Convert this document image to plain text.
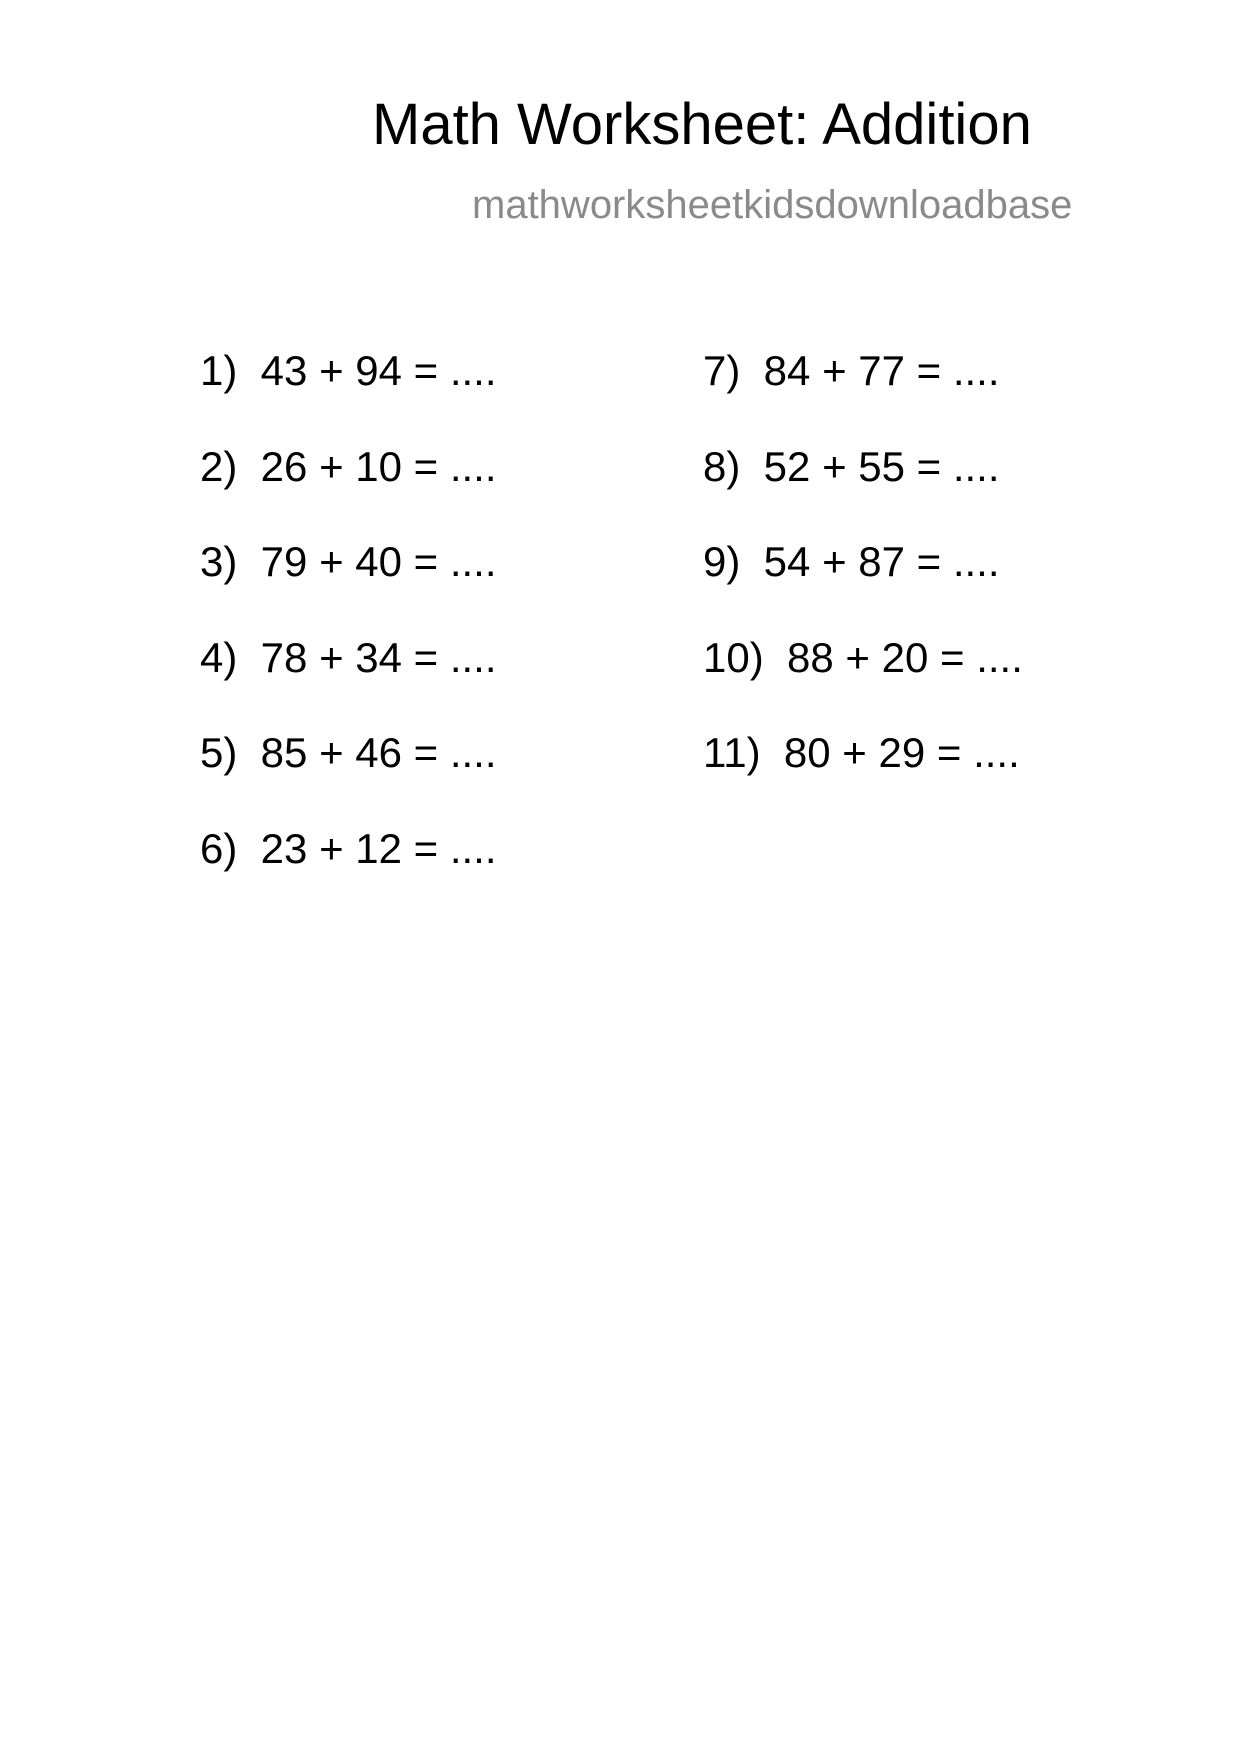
Math Worksheet: Addition
mathworksheetkidsdownloadbase
1)  43 + 94 = ....
2)  26 + 10 = ....
3)  79 + 40 = ....
4)  78 + 34 = ....
5)  85 + 46 = ....
6)  23 + 12 = ....
7)  84 + 77 = ....
8)  52 + 55 = ....
9)  54 + 87 = ....
10)  88 + 20 = ....
11)  80 + 29 = ....
